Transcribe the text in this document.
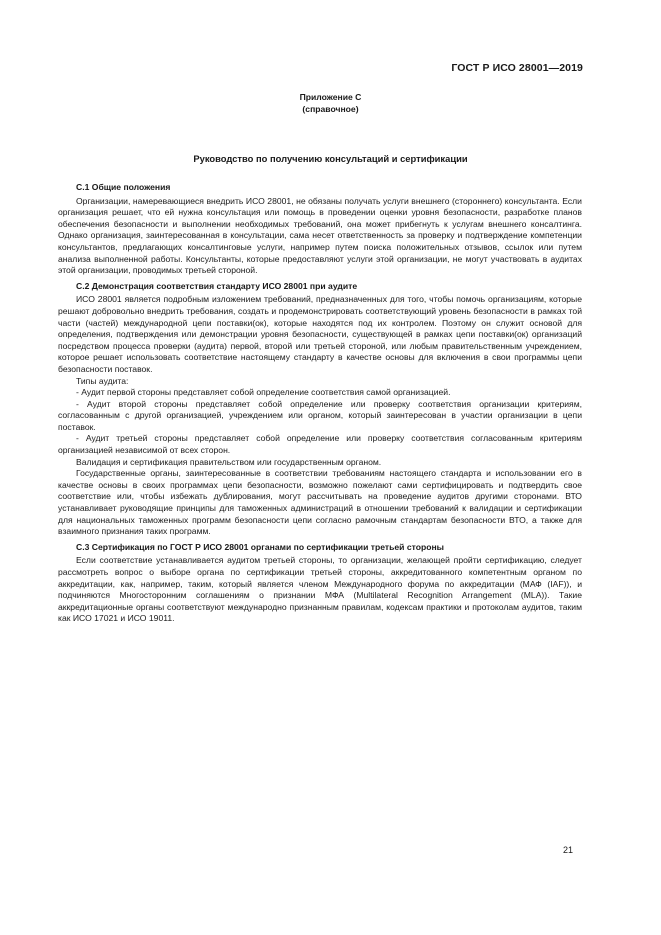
ГОСТ Р ИСО 28001—2019
Приложение С
(справочное)
Руководство по получению консультаций и сертификации
С.1 Общие положения

Организации, намеревающиеся внедрить ИСО 28001, не обязаны получать услуги внешнего (стороннего) консультанта. Если организация решает, что ей нужна консультация или помощь в проведении оценки уровня безопасности, разработке планов обеспечения безопасности и выполнении необходимых требований, она может прибегнуть к услугам внешнего консалтинга. Однако организация, заинтересованная в консультации, сама несет ответственность за проверку и подтверждение компетенции консультантов, предлагающих консалтинговые услуги, например путем поиска положительных отзывов, ссылок или путем анализа выполненной работы. Консультанты, которые предоставляют услуги этой организации, не могут участвовать в аудитах этой организации, проводимых третьей стороной.

С.2 Демонстрация соответствия стандарту ИСО 28001 при аудите

ИСО 28001 является подробным изложением требований, предназначенных для того, чтобы помочь организациям, которые решают добровольно внедрить требования, создать и продемонстрировать соответствующий уровень безопасности в рамках той части (частей) международной цепи поставки(ок), которые находятся под их контролем. Поэтому он служит основой для определения, подтверждения или демонстрации уровня безопасности, существующей в рамках цепи поставки(ок) организаций посредством процесса проверки (аудита) первой, второй или третьей стороной, или любым правительственным учреждением, которое решает использовать соответствие настоящему стандарту в качестве основы для включения в свои программы цепи безопасности поставок.

Типы аудита:

- Аудит первой стороны представляет собой определение соответствия самой организацией.

- Аудит второй стороны представляет собой определение или проверку соответствия организации критериям, согласованным с другой организацией, учреждением или органом, который заинтересован в участии организации в цепи поставок.

- Аудит третьей стороны представляет собой определение или проверку соответствия согласованным критериям организацией независимой от всех сторон.

Валидация и сертификация правительством или государственным органом.

Государственные органы, заинтересованные в соответствии требованиям настоящего стандарта и использовании его в качестве основы в своих программах цепи безопасности, возможно пожелают сами сертифицировать и подтвердить свое соответствие или, чтобы избежать дублирования, могут рассчитывать на проведение аудитов другими сторонами. ВТО устанавливает руководящие принципы для таможенных администраций в отношении требований к валидации и сертификации для национальных таможенных программ безопасности цепи согласно рамочным стандартам безопасности ВТО, а также для взаимного признания таких программ.

С.3 Сертификация по ГОСТ Р ИСО 28001 органами по сертификации третьей стороны

Если соответствие устанавливается аудитом третьей стороны, то организации, желающей пройти сертификацию, следует рассмотреть вопрос о выборе органа по сертификации третьей стороны, аккредитованного компетентным органом по аккредитации, как, например, таким, который является членом Международного форума по аккредитации (МАФ (IAF)), и подчиняются Многосторонним соглашениям о признании МФА (Multilateral Recognition Arrangement (MLA)). Такие аккредитационные органы соответствуют международно признанным правилам, кодексам практики и протоколам аудитов, таким как ИСО 17021 и ИСО 19011.

21
